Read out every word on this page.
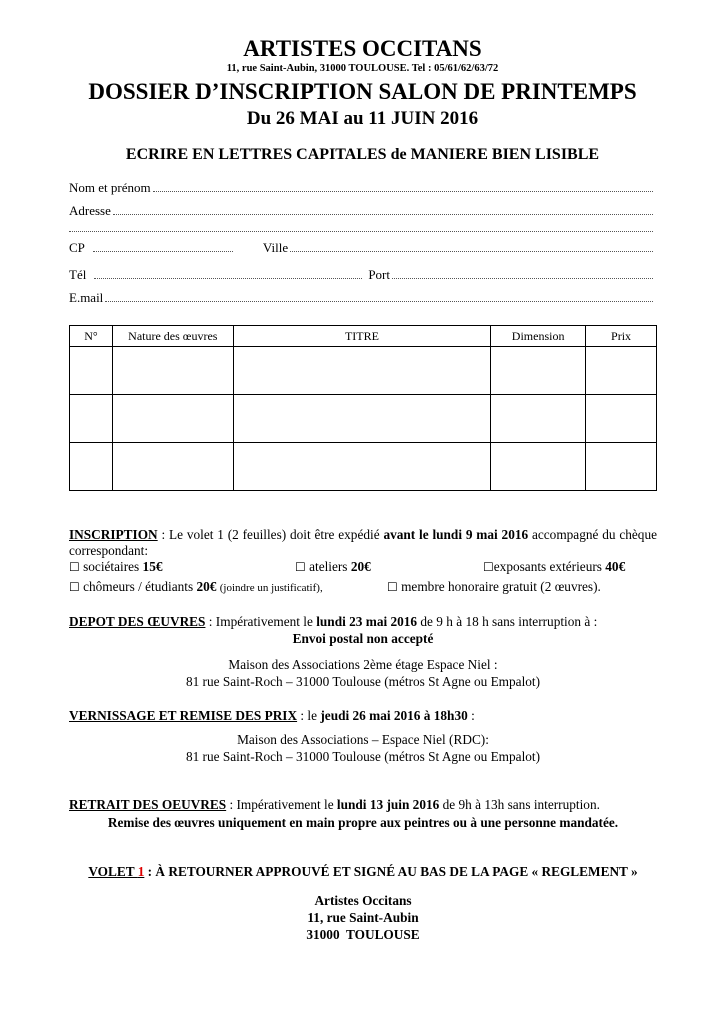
ARTISTES OCCITANS
11, rue Saint-Aubin, 31000 TOULOUSE. Tel : 05/61/62/63/72
DOSSIER D’INSCRIPTION SALON DE PRINTEMPS
Du 26 MAI au 11 JUIN 2016
ECRIRE EN LETTRES CAPITALES de MANIERE BIEN LISIBLE
Nom et prénom
Adresse
CP	Ville
Tél	Port
E.mail
N°	Nature des œuvres	TITRE	Dimension	Prix

INSCRIPTION : Le volet 1 (2 feuilles) doit être expédié avant le lundi 9 mai 2016 accompagné du chèque correspondant:
☐ sociétaires 15€	☐ ateliers 20€	☐exposants extérieurs 40€
☐ chômeurs / étudiants 20€ (joindre un justificatif),	☐ membre honoraire gratuit (2 œuvres).
DEPOT DES ŒUVRES : Impérativement le lundi 23 mai 2016 de 9 h à 18 h sans interruption à :
Envoi postal non accepté
Maison des Associations 2ème étage Espace Niel :
81 rue Saint-Roch – 31000 Toulouse (métros St Agne ou Empalot)
VERNISSAGE ET REMISE DES PRIX : le jeudi 26 mai 2016 à 18h30 :
Maison des Associations – Espace Niel (RDC):
81 rue Saint-Roch – 31000 Toulouse (métros St Agne ou Empalot)
RETRAIT DES OEUVRES : Impérativement le lundi 13 juin 2016 de 9h à 13h sans interruption.
Remise des œuvres uniquement en main propre aux peintres ou à une personne mandatée.
VOLET 1 : À RETOURNER APPROUVÉ ET SIGNÉ AU BAS DE LA PAGE « REGLEMENT »
Artistes Occitans
11, rue Saint-Aubin
31000  TOULOUSE
